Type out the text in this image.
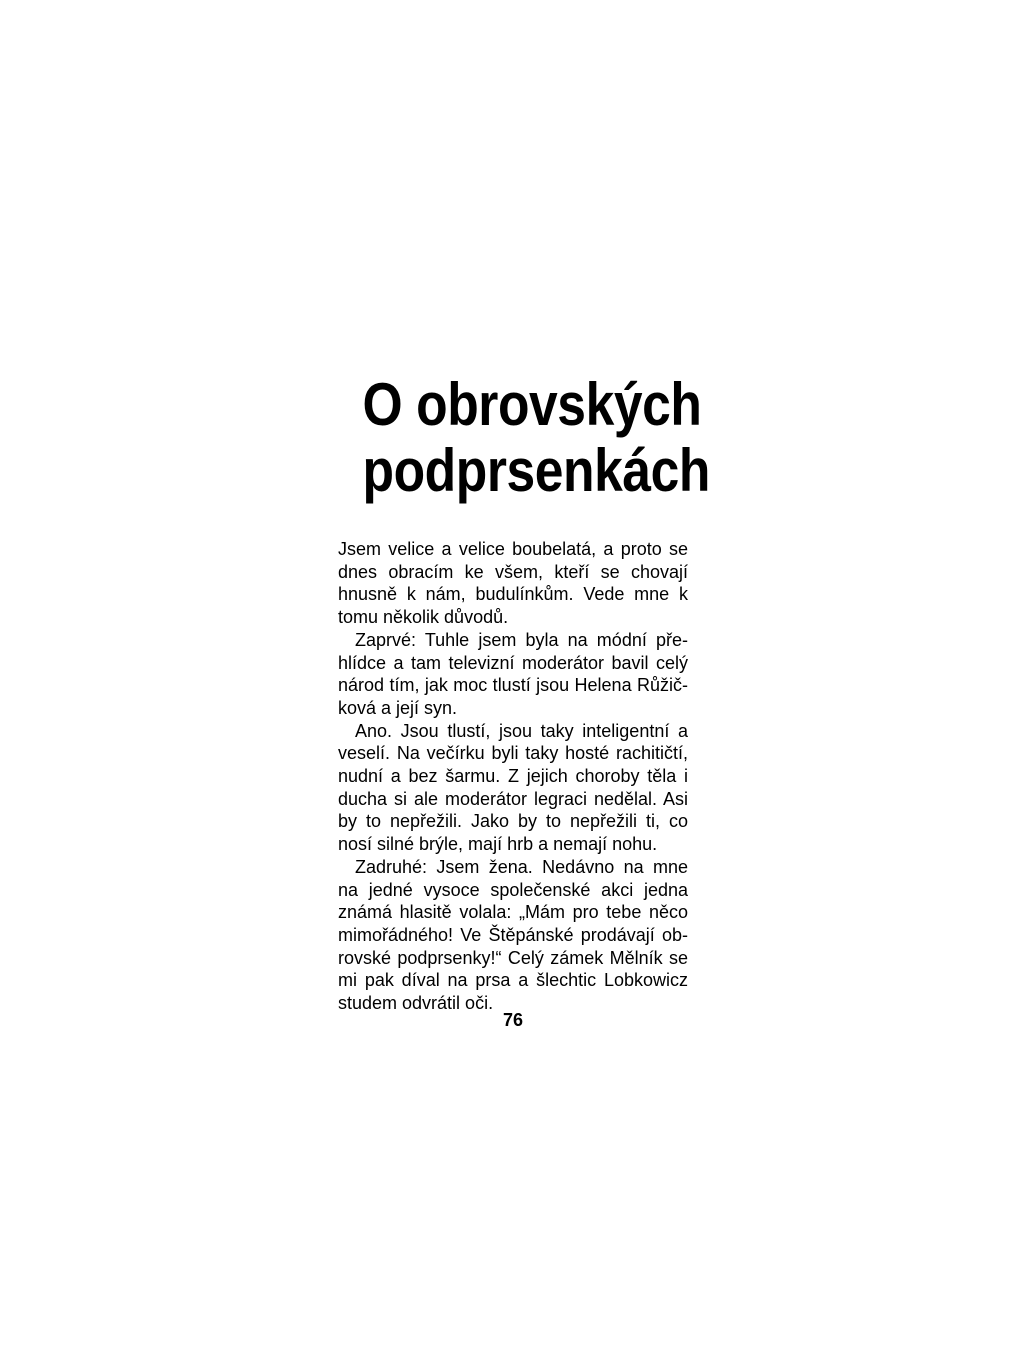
O obrovských
podprsenkách

Jsem velice a velice boubelatá, a proto se dnes obracím ke všem, kteří se chovají hnusně k nám, budulínkům. Vede mne k tomu několik důvodů.

Zaprvé: Tuhle jsem byla na módní přehlídce a tam televizní moderátor bavil celý národ tím, jak moc tlustí jsou Helena Růžičková a její syn.

Ano. Jsou tlustí, jsou taky inteligentní a veselí. Na večírku byli taky hosté rachitičtí, nudní a bez šarmu. Z jejich choroby těla i ducha si ale moderátor legraci nedělal. Asi by to nepřežili. Jako by to nepřežili ti, co nosí silné brýle, mají hrb a nemají nohu.

Zadruhé: Jsem žena. Nedávno na mne na jedné vysoce společenské akci jedna známá hlasitě volala: „Mám pro tebe něco mimořádného! Ve Štěpánské prodávají obrovské podprsenky!“ Celý zámek Mělník se mi pak díval na prsa a šlechtic Lobkowicz studem odvrátil oči.

76
